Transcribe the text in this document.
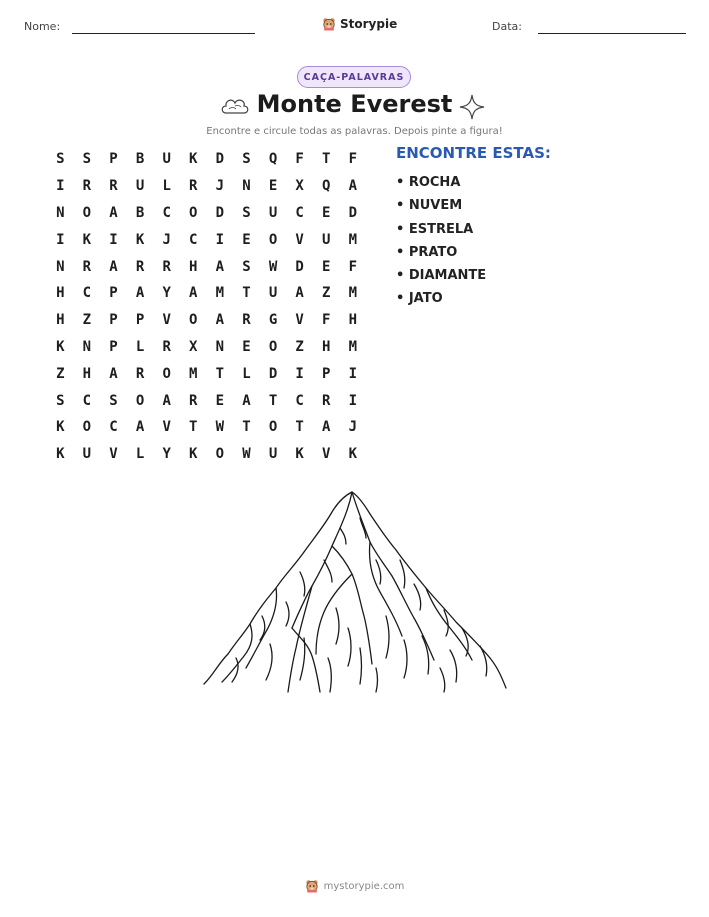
Nome:	Storypie	Data:
CAÇA-PALAVRAS
Monte Everest
Encontre e circule todas as palavras. Depois pinte a figura!
S	S	P	B	U	K	D	S	Q	F	T	F
I	R	R	U	L	R	J	N	E	X	Q	A
N	O	A	B	C	O	D	S	U	C	E	D
I	K	I	K	J	C	I	E	O	V	U	M
N	R	A	R	R	H	A	S	W	D	E	F
H	C	P	A	Y	A	M	T	U	A	Z	M
H	Z	P	P	V	O	A	R	G	V	F	H
K	N	P	L	R	X	N	E	O	Z	H	M
Z	H	A	R	O	M	T	L	D	I	P	I
S	C	S	O	A	R	E	A	T	C	R	I
K	O	C	A	V	T	W	T	O	T	A	J
K	U	V	L	Y	K	O	W	U	K	V	K
ENCONTRE ESTAS:
• ROCHA
• NUVEM
• ESTRELA
• PRATO
• DIAMANTE
• JATO
mystorypie.com
